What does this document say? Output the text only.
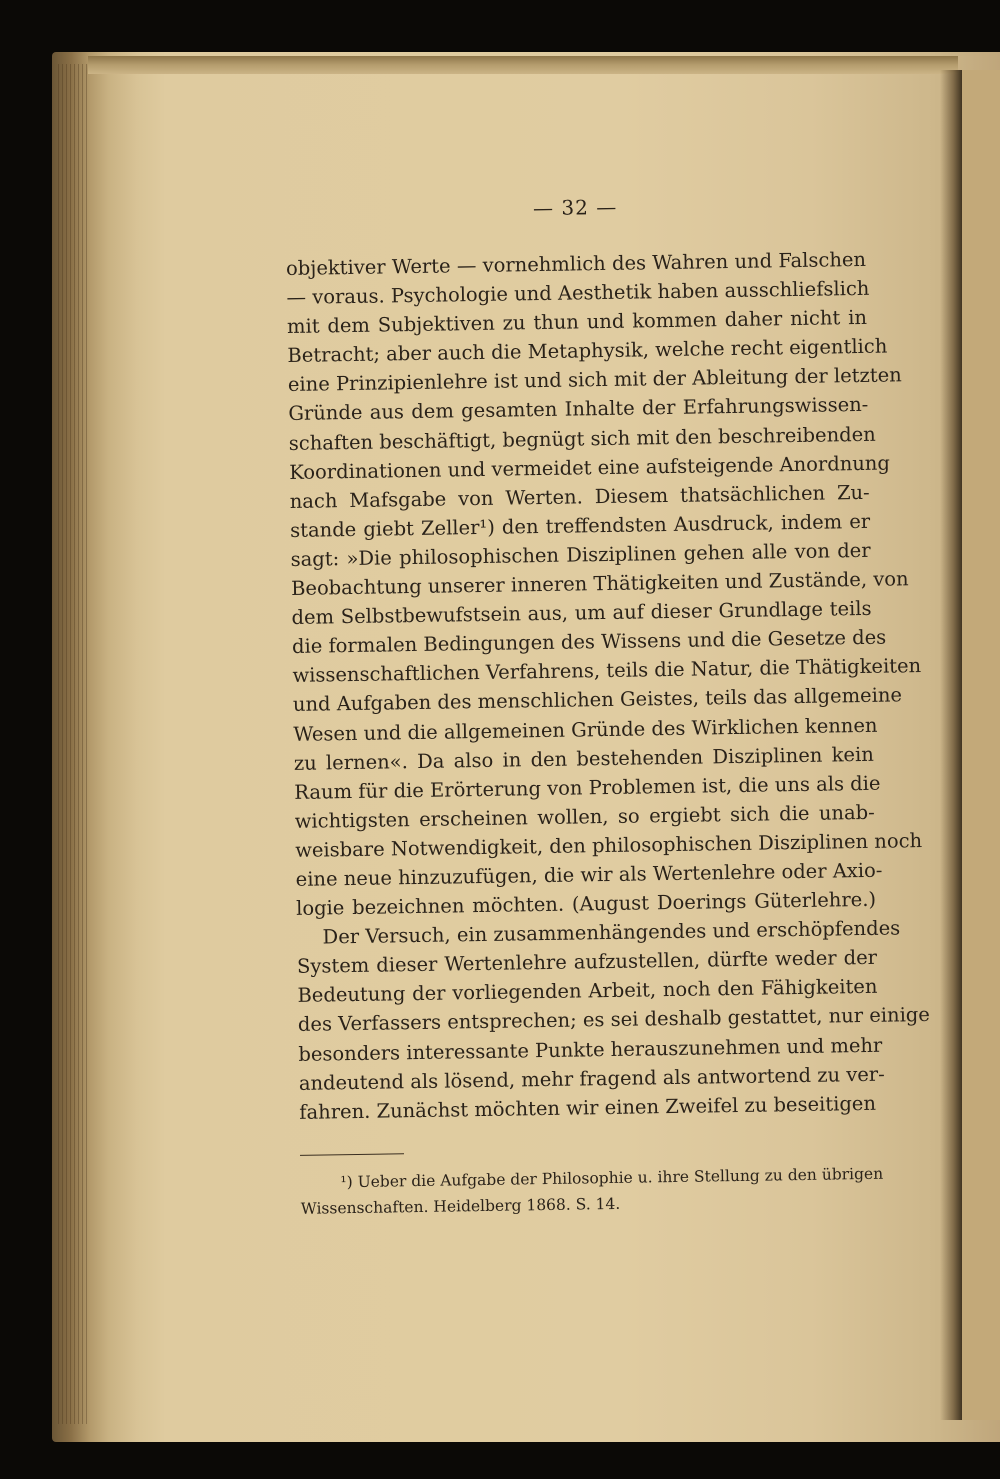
— 32 —
objektiver Werte — vornehmlich des Wahren und Falschen
— voraus. Psychologie und Aesthetik haben ausschliefslich
mit dem Subjektiven zu thun und kommen daher nicht in
Betracht; aber auch die Metaphysik, welche recht eigentlich
eine Prinzipienlehre ist und sich mit der Ableitung der letzten
Gründe aus dem gesamten Inhalte der Erfahrungswissen-
schaften beschäftigt, begnügt sich mit den beschreibenden
Koordinationen und vermeidet eine aufsteigende Anordnung
nach Mafsgabe von Werten. Diesem thatsächlichen Zu-
stande giebt Zeller¹) den treffendsten Ausdruck, indem er
sagt: »Die philosophischen Disziplinen gehen alle von der
Beobachtung unserer inneren Thätigkeiten und Zustände, von
dem Selbstbewufstsein aus, um auf dieser Grundlage teils
die formalen Bedingungen des Wissens und die Gesetze des
wissenschaftlichen Verfahrens, teils die Natur, die Thätigkeiten
und Aufgaben des menschlichen Geistes, teils das allgemeine
Wesen und die allgemeinen Gründe des Wirklichen kennen
zu lernen«. Da also in den bestehenden Disziplinen kein
Raum für die Erörterung von Problemen ist, die uns als die
wichtigsten erscheinen wollen, so ergiebt sich die unab-
weisbare Notwendigkeit, den philosophischen Disziplinen noch
eine neue hinzuzufügen, die wir als Wertenlehre oder Axio-
logie bezeichnen möchten. (August Doerings Güterlehre.)
Der Versuch, ein zusammenhängendes und erschöpfendes
System dieser Wertenlehre aufzustellen, dürfte weder der
Bedeutung der vorliegenden Arbeit, noch den Fähigkeiten
des Verfassers entsprechen; es sei deshalb gestattet, nur einige
besonders interessante Punkte herauszunehmen und mehr
andeutend als lösend, mehr fragend als antwortend zu ver-
fahren. Zunächst möchten wir einen Zweifel zu beseitigen
¹) Ueber die Aufgabe der Philosophie u. ihre Stellung zu den übrigen
Wissenschaften. Heidelberg 1868. S. 14.
